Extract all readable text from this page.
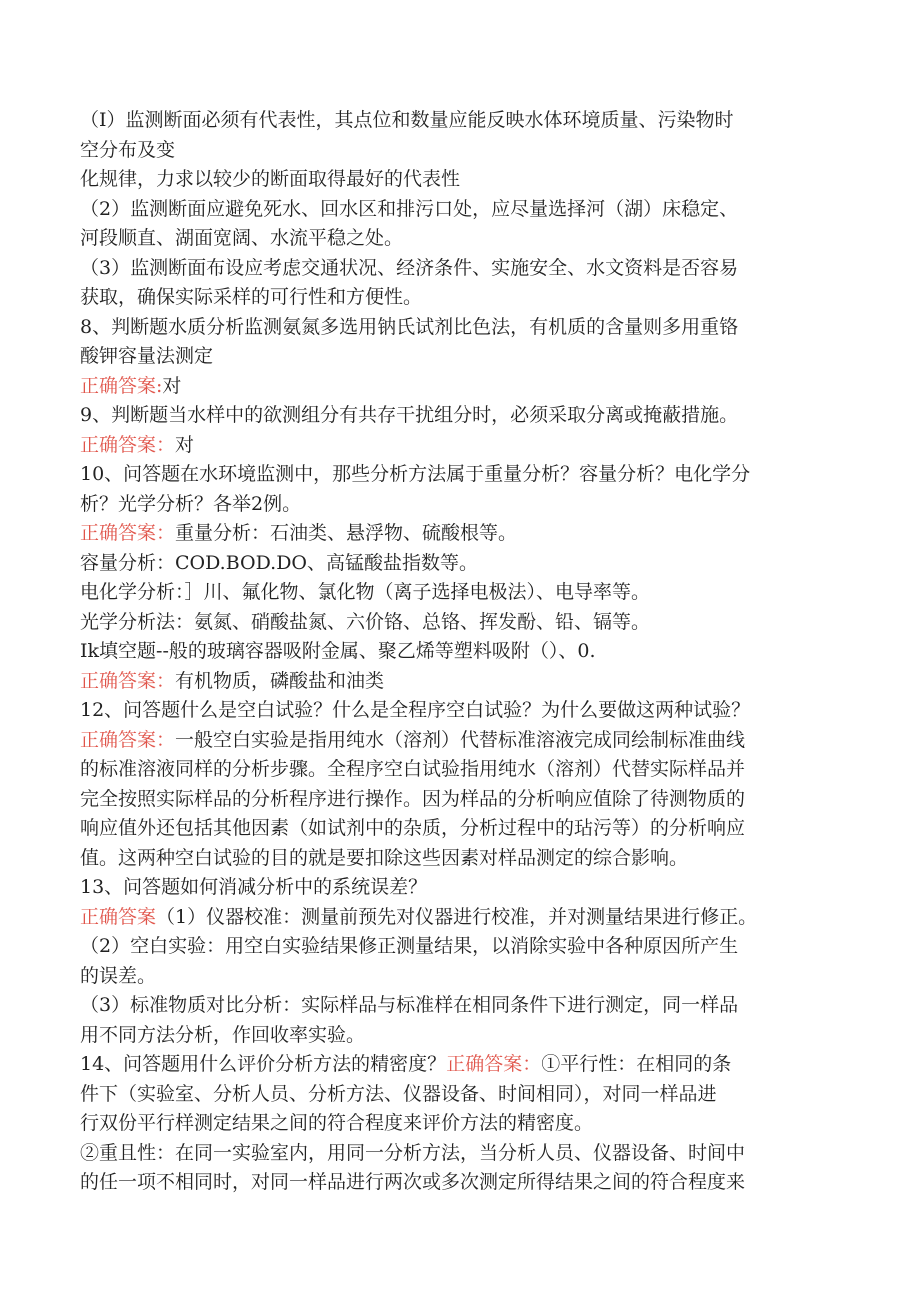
（I）监测断面必须有代表性，其点位和数量应能反映水体环境质量、污染物时
空分布及变
化规律，力求以较少的断面取得最好的代表性
（2）监测断面应避免死水、回水区和排污口处，应尽量选择河（湖）床稳定、
河段顺直、湖面宽阔、水流平稳之处。
（3）监测断面布设应考虑交通状况、经济条件、实施安全、水文资料是否容易
获取，确保实际采样的可行性和方便性。
8、判断题水质分析监测氨氮多选用钠氏试剂比色法，有机质的含量则多用重铬
酸钾容量法测定
正确答案:对
9、判断题当水样中的欲测组分有共存干扰组分时，必须采取分离或掩蔽措施。
正确答案：对
10、问答题在水环境监测中，那些分析方法属于重量分析？容量分析？电化学分
析？光学分析？各举2例。
正确答案：重量分析：石油类、悬浮物、硫酸根等。
容量分析：COD.BOD.DO、高锰酸盐指数等。
电化学分析：］川、氟化物、氯化物（离子选择电极法）、电导率等。
光学分析法：氨氮、硝酸盐氮、六价铬、总铬、挥发酚、铅、镉等。
Ik填空题--般的玻璃容器吸附金属、聚乙烯等塑料吸附（）、0.
正确答案：有机物质，磷酸盐和油类
12、问答题什么是空白试验？什么是全程序空白试验？为什么要做这两种试验？
正确答案：一般空白实验是指用纯水（溶剂）代替标准溶液完成同绘制标准曲线
的标准溶液同样的分析步骤。全程序空白试验指用纯水（溶剂）代替实际样品并
完全按照实际样品的分析程序进行操作。因为样品的分析响应值除了待测物质的
响应值外还包括其他因素（如试剂中的杂质，分析过程中的玷污等）的分析响应
值。这两种空白试验的目的就是要扣除这些因素对样品测定的综合影响。
13、问答题如何消减分析中的系统误差？
正确答案（1）仪器校准：测量前预先对仪器进行校准，并对测量结果进行修正。
（2）空白实验：用空白实验结果修正测量结果，以消除实验中各种原因所产生
的误差。
（3）标准物质对比分析：实际样品与标准样在相同条件下进行测定，同一样品
用不同方法分析，作回收率实验。
14、问答题用什么评价分析方法的精密度？正确答案：①平行性：在相同的条
件下（实验室、分析人员、分析方法、仪器设备、时间相同），对同一样品进
行双份平行样测定结果之间的符合程度来评价方法的精密度。
②重且性：在同一实验室内，用同一分析方法，当分析人员、仪器设备、时间中
的任一项不相同时，对同一样品进行两次或多次测定所得结果之间的符合程度来
